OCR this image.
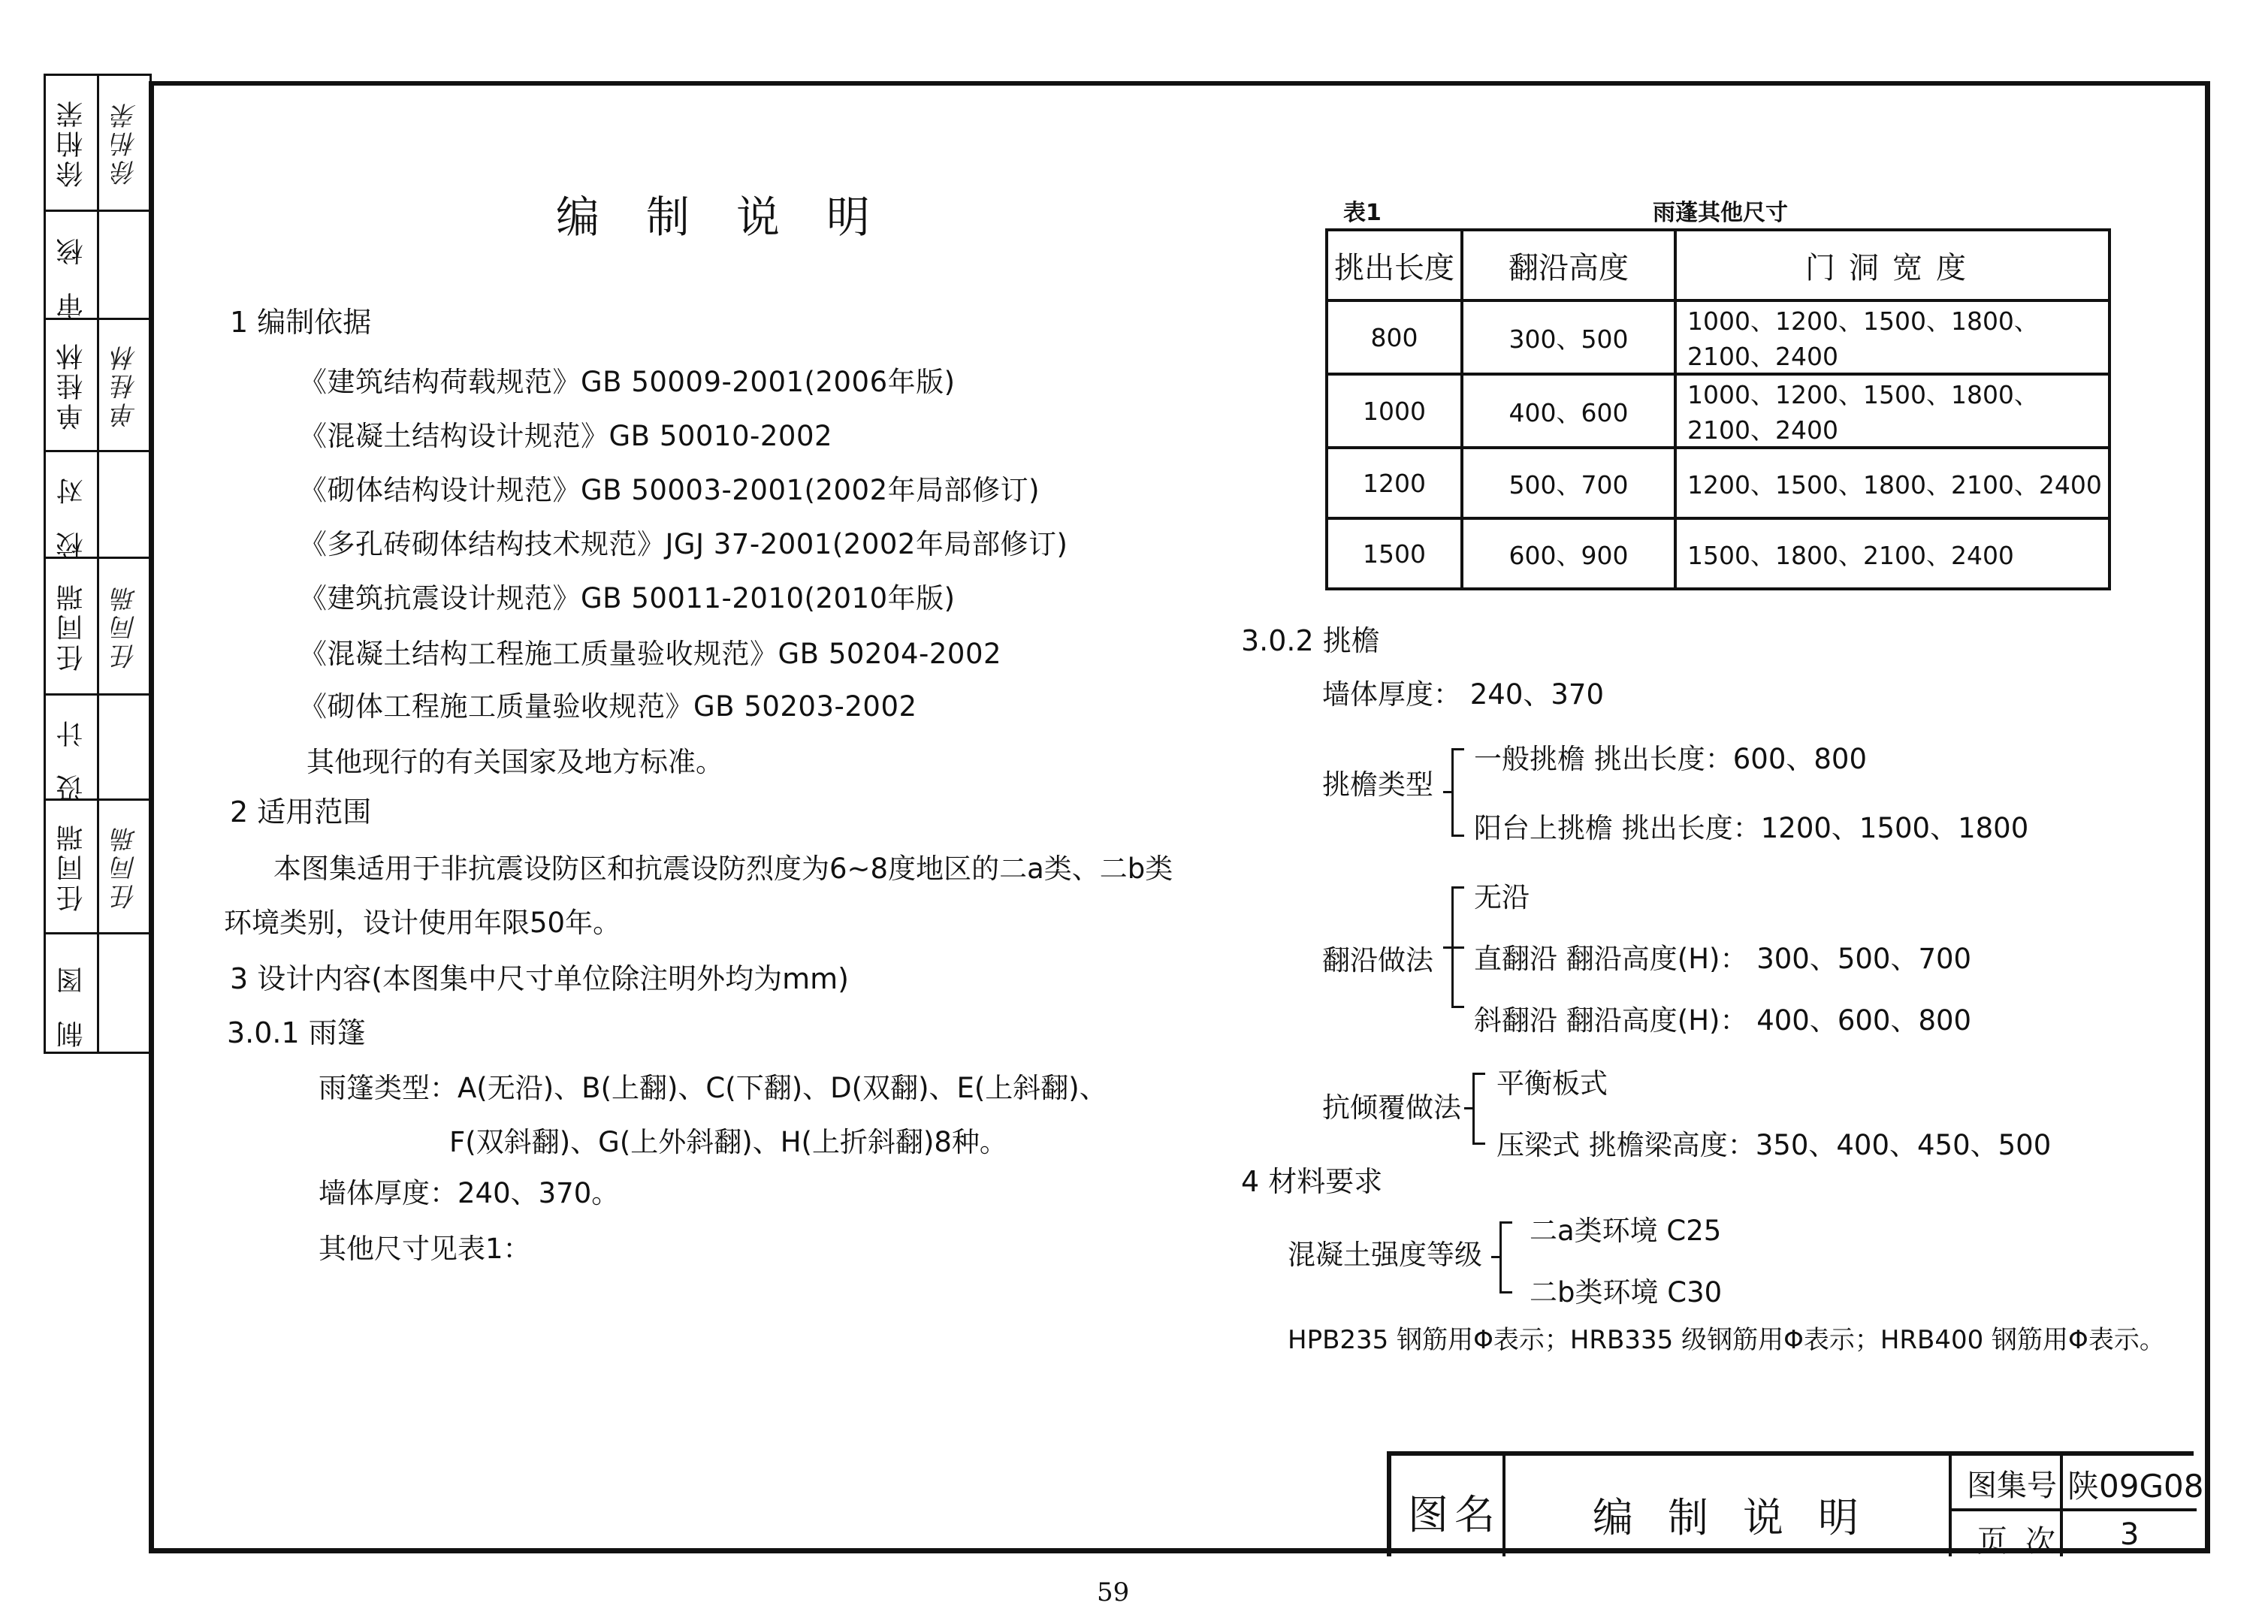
徐柏荣 徐柏荣
审核
单桂林 单桂林
校对
任同瑞 任同瑞
设计
任同瑞 任同瑞
制图
编制说明
1 编制依据
《建筑结构荷载规范》GB 50009-2001(2006年版)
《混凝土结构设计规范》GB 50010-2002
《砌体结构设计规范》GB 50003-2001(2002年局部修订)
《多孔砖砌体结构技术规范》JGJ 37-2001(2002年局部修订)
《建筑抗震设计规范》GB 50011-2010(2010年版)
《混凝土结构工程施工质量验收规范》GB 50204-2002
《砌体工程施工质量验收规范》GB 50203-2002
其他现行的有关国家及地方标准。
2 适用范围
本图集适用于非抗震设防区和抗震设防烈度为6~8度地区的二a类、二b类
环境类别，设计使用年限50年。
3 设计内容(本图集中尺寸单位除注明外均为mm)
3.0.1 雨篷
雨篷类型：A(无沿)、B(上翻)、C(下翻)、D(双翻)、E(上斜翻)、
F(双斜翻)、G(上外斜翻)、H(上折斜翻)8种。
墙体厚度：240、370。
其他尺寸见表1：
表1	雨蓬其他尺寸
挑出长度	翻沿高度	门洞宽度
800	300、500	1000、1200、1500、1800、2100、2400
1000	400、600	1000、1200、1500、1800、2100、2400
1200	500、700	1200、1500、1800、2100、2400
1500	600、900	1500、1800、2100、2400
3.0.2 挑檐
墙体厚度： 240、370
挑檐类型
一般挑檐 挑出长度：600、800
阳台上挑檐 挑出长度：1200、1500、1800
翻沿做法
无沿
直翻沿 翻沿高度(H)： 300、500、700
斜翻沿 翻沿高度(H)： 400、600、800
抗倾覆做法
平衡板式
压梁式 挑檐梁高度：350、400、450、500
4 材料要求
混凝土强度等级
二a类环境 C25
二b类环境 C30
HPB235 钢筋用Φ表示；HRB335 级钢筋用Φ表示；HRB400 钢筋用Φ表示。
图名 编制说明
图集号 陕09G08
页次 3
59
